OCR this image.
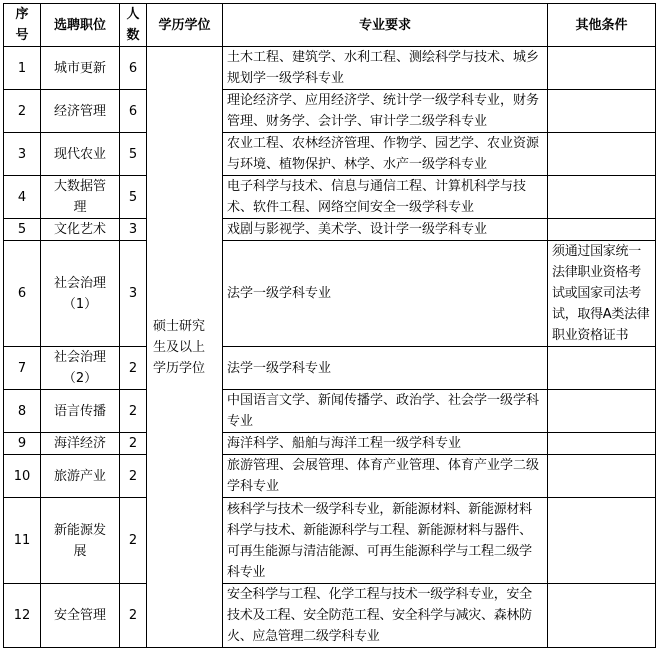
序号	选聘职位	人数	学历学位	专业要求	其他条件
1	城市更新	6	硕士研究生及以上学历学位	土木工程、建筑学、水利工程、测绘科学与技术、城乡规划学一级学科专业	
2	经济管理	6		理论经济学、应用经济学、统计学一级学科专业，财务管理、财务学、会计学、审计学二级学科专业	
3	现代农业	5		农业工程、农林经济管理、作物学、园艺学、农业资源与环境、植物保护、林学、水产一级学科专业	
4	大数据管理	5		电子科学与技术、信息与通信工程、计算机科学与技术、软件工程、网络空间安全一级学科专业	
5	文化艺术	3		戏剧与影视学、美术学、设计学一级学科专业	
6	社会治理（1）	3		法学一级学科专业	须通过国家统一法律职业资格考试或国家司法考试，取得A类法律职业资格证书
7	社会治理（2）	2		法学一级学科专业	
8	语言传播	2		中国语言文学、新闻传播学、政治学、社会学一级学科专业	
9	海洋经济	2		海洋科学、船舶与海洋工程一级学科专业	
10	旅游产业	2		旅游管理、会展管理、体育产业管理、体育产业学二级学科专业	
11	新能源发展	2		核科学与技术一级学科专业，新能源材料、新能源材料科学与技术、新能源科学与工程、新能源材料与器件、可再生能源与清洁能源、可再生能源科学与工程二级学科专业	
12	安全管理	2		安全科学与工程、化学工程与技术一级学科专业，安全技术及工程、安全防范工程、安全科学与减灾、森林防火、应急管理二级学科专业	
